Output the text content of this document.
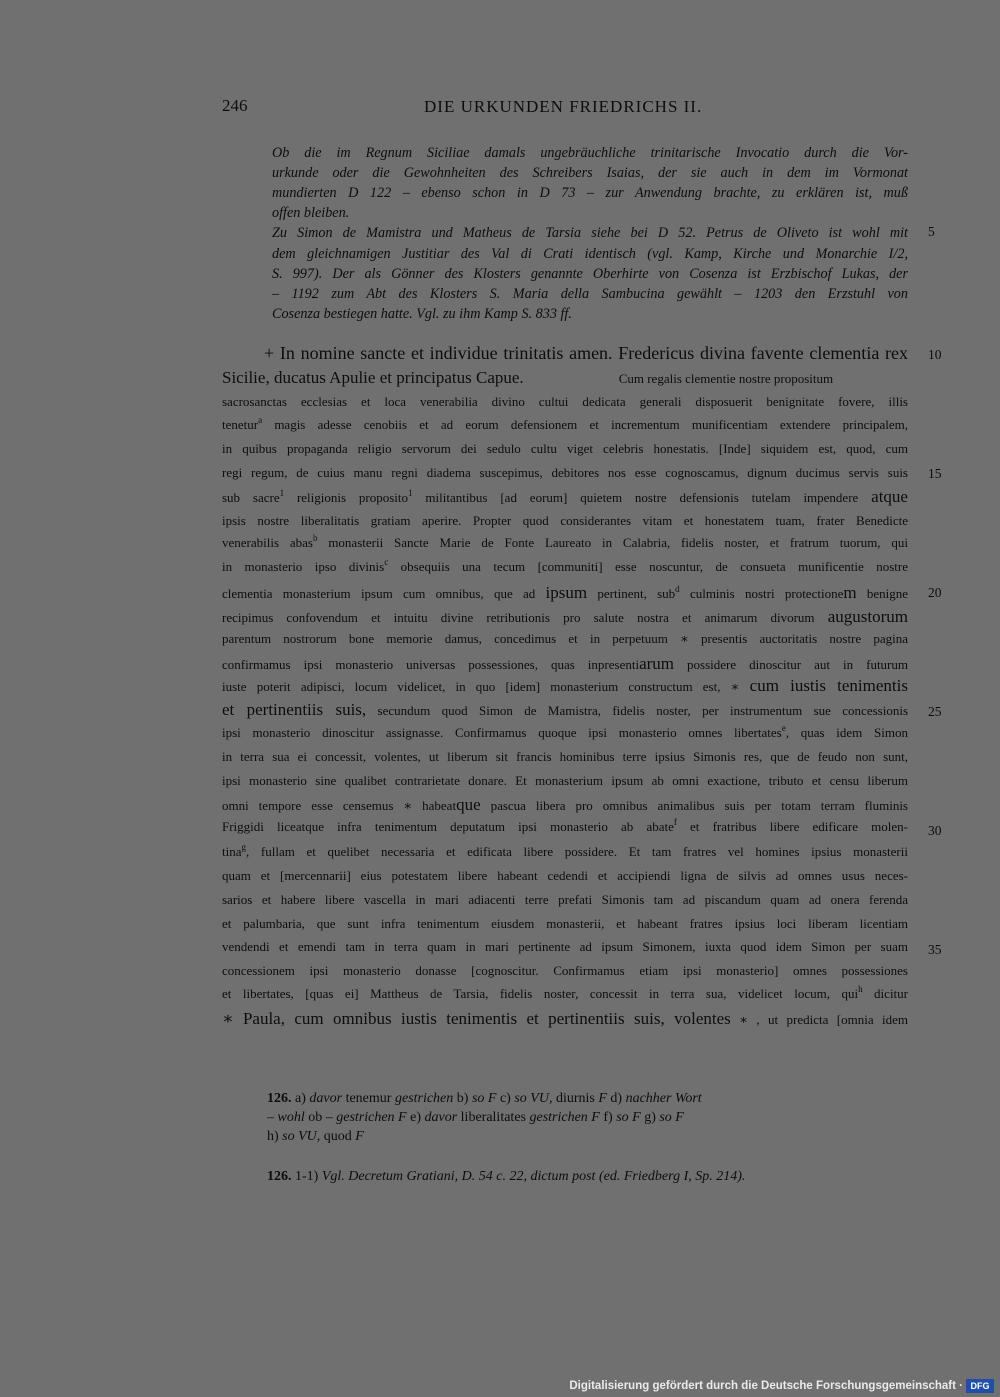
246	DIE URKUNDEN FRIEDRICHS II.
Ob die im Regnum Siciliae damals ungebräuchliche trinitarische Invocatio durch die Vor-
urkunde oder die Gewohnheiten des Schreibers Isaias, der sie auch in dem im Vormonat
mundierten D 122 – ebenso schon in D 73 – zur Anwendung brachte, zu erklären ist, muß
offen bleiben.
Zu Simon de Mamistra und Matheus de Tarsia siehe bei D 52. Petrus de Oliveto ist wohl mit
dem gleichnamigen Justitiar des Val di Crati identisch (vgl. Kamp, Kirche und Monarchie I/2,
S. 997). Der als Gönner des Klosters genannte Oberhirte von Cosenza ist Erzbischof Lukas, der
– 1192 zum Abt des Klosters S. Maria della Sambucina gewählt – 1203 den Erzstuhl von
Cosenza bestiegen hatte. Vgl. zu ihm Kamp S. 833 ff.
5
10
15
20
25
30
35
+ In nomine sancte et individue trinitatis amen. Fredericus divina favente clementia rex
Sicilie, ducatus Apulie et principatus Capue.	Cum regalis clementie nostre propositum
sacrosanctas ecclesias et loca venerabilia divino cultui dedicata generali disposuerit benignitate fovere, illis
tenetur$^a$ magis adesse cenobiis et ad eorum defensionem et incrementum munificentiam extendere principalem,
in quibus propaganda religio servorum dei sedulo cultu viget celebris honestatis. [Inde] siquidem est, quod, cum
regi regum, de cuius manu regni diadema suscepimus, debitores nos esse cognoscamus, dignum ducimus servis suis
sub sacre$^1$ religionis proposito$^1$ militantibus [ad eorum] quietem nostre defensionis tutelam impendere atque
ipsis nostre liberalitatis gratiam aperire. Propter quod considerantes vitam et honestatem tuam, frater Benedicte
venerabilis abas$^b$ monasterii Sancte Marie de Fonte Laureato in Calabria, fidelis noster, et fratrum tuorum, qui
in monasterio ipso divinis$^c$ obsequiis una tecum [communiti] esse noscuntur, de consueta munificentie nostre
clementia monasterium ipsum cum omnibus, que ad ipsum pertinent, sub$^d$ culminis nostri protectionem benigne
recipimus confovendum et intuitu divine retributionis pro salute nostra et animarum divorum augustorum
parentum nostrorum bone memorie damus, concedimus et in perpetuum ∗ presentis auctoritatis nostre pagina
confirmamus ipsi monasterio universas possessiones, quas inpresentiarum possidere dinoscitur aut in futurum
iuste poterit adipisci, locum videlicet, in quo [idem] monasterium constructum est, ∗ cum iustis tenimentis
et pertinentiis suis, secundum quod Simon de Mamistra, fidelis noster, per instrumentum sue concessionis
ipsi monasterio dinoscitur assignasse. Confirmamus quoque ipsi monasterio omnes libertates$^e$, quas idem Simon
in terra sua ei concessit, volentes, ut liberum sit francis hominibus terre ipsius Simonis res, que de feudo non sunt,
ipsi monasterio sine qualibet contrarietate donare. Et monasterium ipsum ab omni exactione, tributo et censu liberum
omni tempore esse censemus ∗ habeatque pascua libera pro omnibus animalibus suis per totam terram fluminis
Friggidi liceatque infra tenimentum deputatum ipsi monasterio ab abate$^f$ et fratribus libere edificare molen-
tina$^g$, fullam et quelibet necessaria et edificata libere possidere. Et tam fratres vel homines ipsius monasterii
quam et [mercennarii] eius potestatem libere habeant cedendi et accipiendi ligna de silvis ad omnes usus neces-
sarios et habere libere vascella in mari adiacenti terre prefati Simonis tam ad piscandum quam ad onera ferenda
et palumbaria, que sunt infra tenimentum eiusdem monasterii, et habeant fratres ipsius loci liberam licentiam
vendendi et emendi tam in terra quam in mari pertinente ad ipsum Simonem, iuxta quod idem Simon per suam
concessionem ipsi monasterio donasse [cognoscitur. Confirmamus etiam ipsi monasterio] omnes possessiones
et libertates, [quas ei] Mattheus de Tarsia, fidelis noster, concessit in terra sua, videlicet locum, qui$^h$ dicitur
∗ Paula, cum omnibus iustis tenimentis et pertinentiis suis, volentes ∗ , ut predicta [omnia idem
126. a) davor tenemur gestrichen b) so F c) so VU, diurnis F d) nachher Wort
– wohl ob – gestrichen F e) davor liberalitates gestrichen F f) so F g) so F
h) so VU, quod F
126. 1-1) Vgl. Decretum Gratiani, D. 54 c. 22, dictum post (ed. Friedberg I, Sp. 214).
Digitalisierung gefördert durch die Deutsche Forschungsgemeinschaft · DFG
